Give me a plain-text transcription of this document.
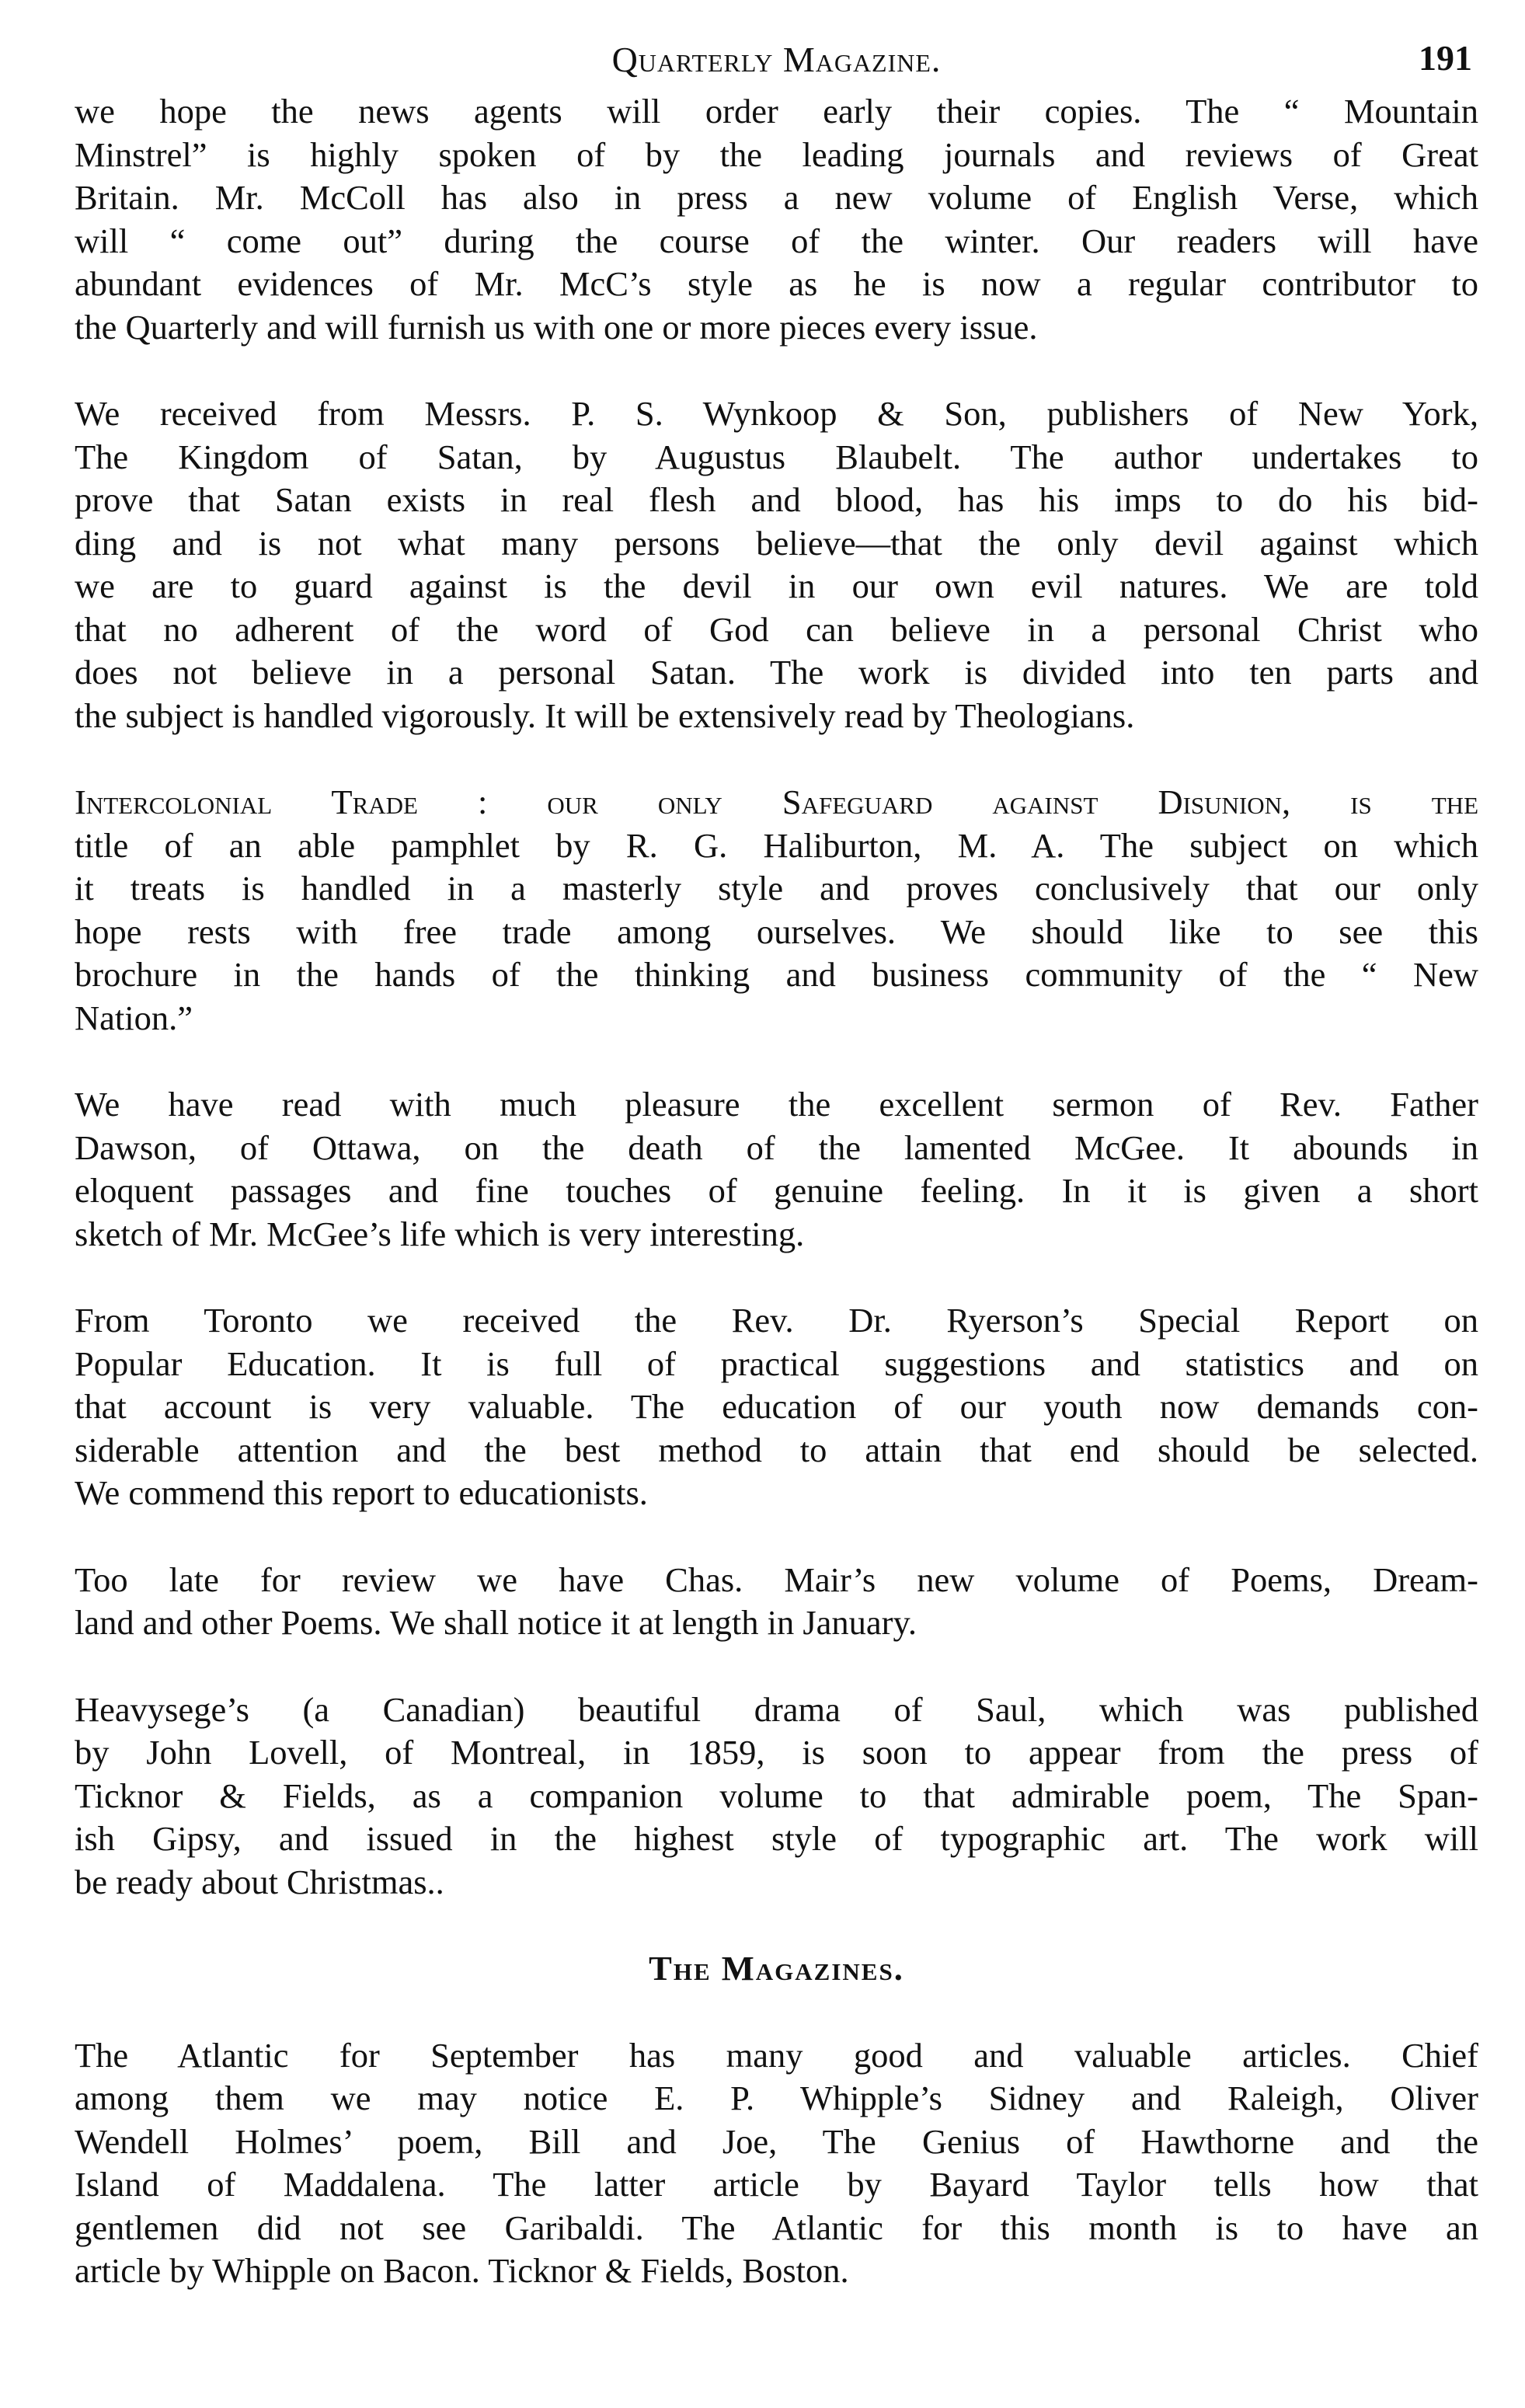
Quarterly Magazine.	191

we hope the news agents will order early their copies. The “ Mountain
Minstrel” is highly spoken of by the leading journals and reviews of Great
Britain. Mr. McColl has also in press a new volume of English Verse, which
will “ come out” during the course of the winter. Our readers will have
abundant evidences of Mr. McC’s style as he is now a regular contributor to
the Quarterly and will furnish us with one or more pieces every issue.

We received from Messrs. P. S. Wynkoop & Son, publishers of New York,
The Kingdom of Satan, by Augustus Blaubelt. The author undertakes to
prove that Satan exists in real flesh and blood, has his imps to do his bid-
ding and is not what many persons believe—that the only devil against which
we are to guard against is the devil in our own evil natures. We are told
that no adherent of the word of God can believe in a personal Christ who
does not believe in a personal Satan. The work is divided into ten parts and
the subject is handled vigorously. It will be extensively read by Theologians.

Intercolonial Trade : our only Safeguard against Disunion, is the
title of an able pamphlet by R. G. Haliburton, M. A. The subject on which
it treats is handled in a masterly style and proves conclusively that our only
hope rests with free trade among ourselves. We should like to see this
brochure in the hands of the thinking and business community of the “ New
Nation.”

We have read with much pleasure the excellent sermon of Rev. Father
Dawson, of Ottawa, on the death of the lamented McGee. It abounds in
eloquent passages and fine touches of genuine feeling. In it is given a short
sketch of Mr. McGee’s life which is very interesting.

From Toronto we received the Rev. Dr. Ryerson’s Special Report on
Popular Education. It is full of practical suggestions and statistics and on
that account is very valuable. The education of our youth now demands con-
siderable attention and the best method to attain that end should be selected.
We commend this report to educationists.

Too late for review we have Chas. Mair’s new volume of Poems, Dream-
land and other Poems. We shall notice it at length in January.

Heavysege’s (a Canadian) beautiful drama of Saul, which was published
by John Lovell, of Montreal, in 1859, is soon to appear from the press of
Ticknor & Fields, as a companion volume to that admirable poem, The Span-
ish Gipsy, and issued in the highest style of typographic art. The work will
be ready about Christmas..

The Magazines.

The Atlantic for September has many good and valuable articles. Chief
among them we may notice E. P. Whipple’s Sidney and Raleigh, Oliver
Wendell Holmes’ poem, Bill and Joe, The Genius of Hawthorne and the
Island of Maddalena. The latter article by Bayard Taylor tells how that
gentlemen did not see Garibaldi. The Atlantic for this month is to have an
article by Whipple on Bacon. Ticknor & Fields, Boston.
